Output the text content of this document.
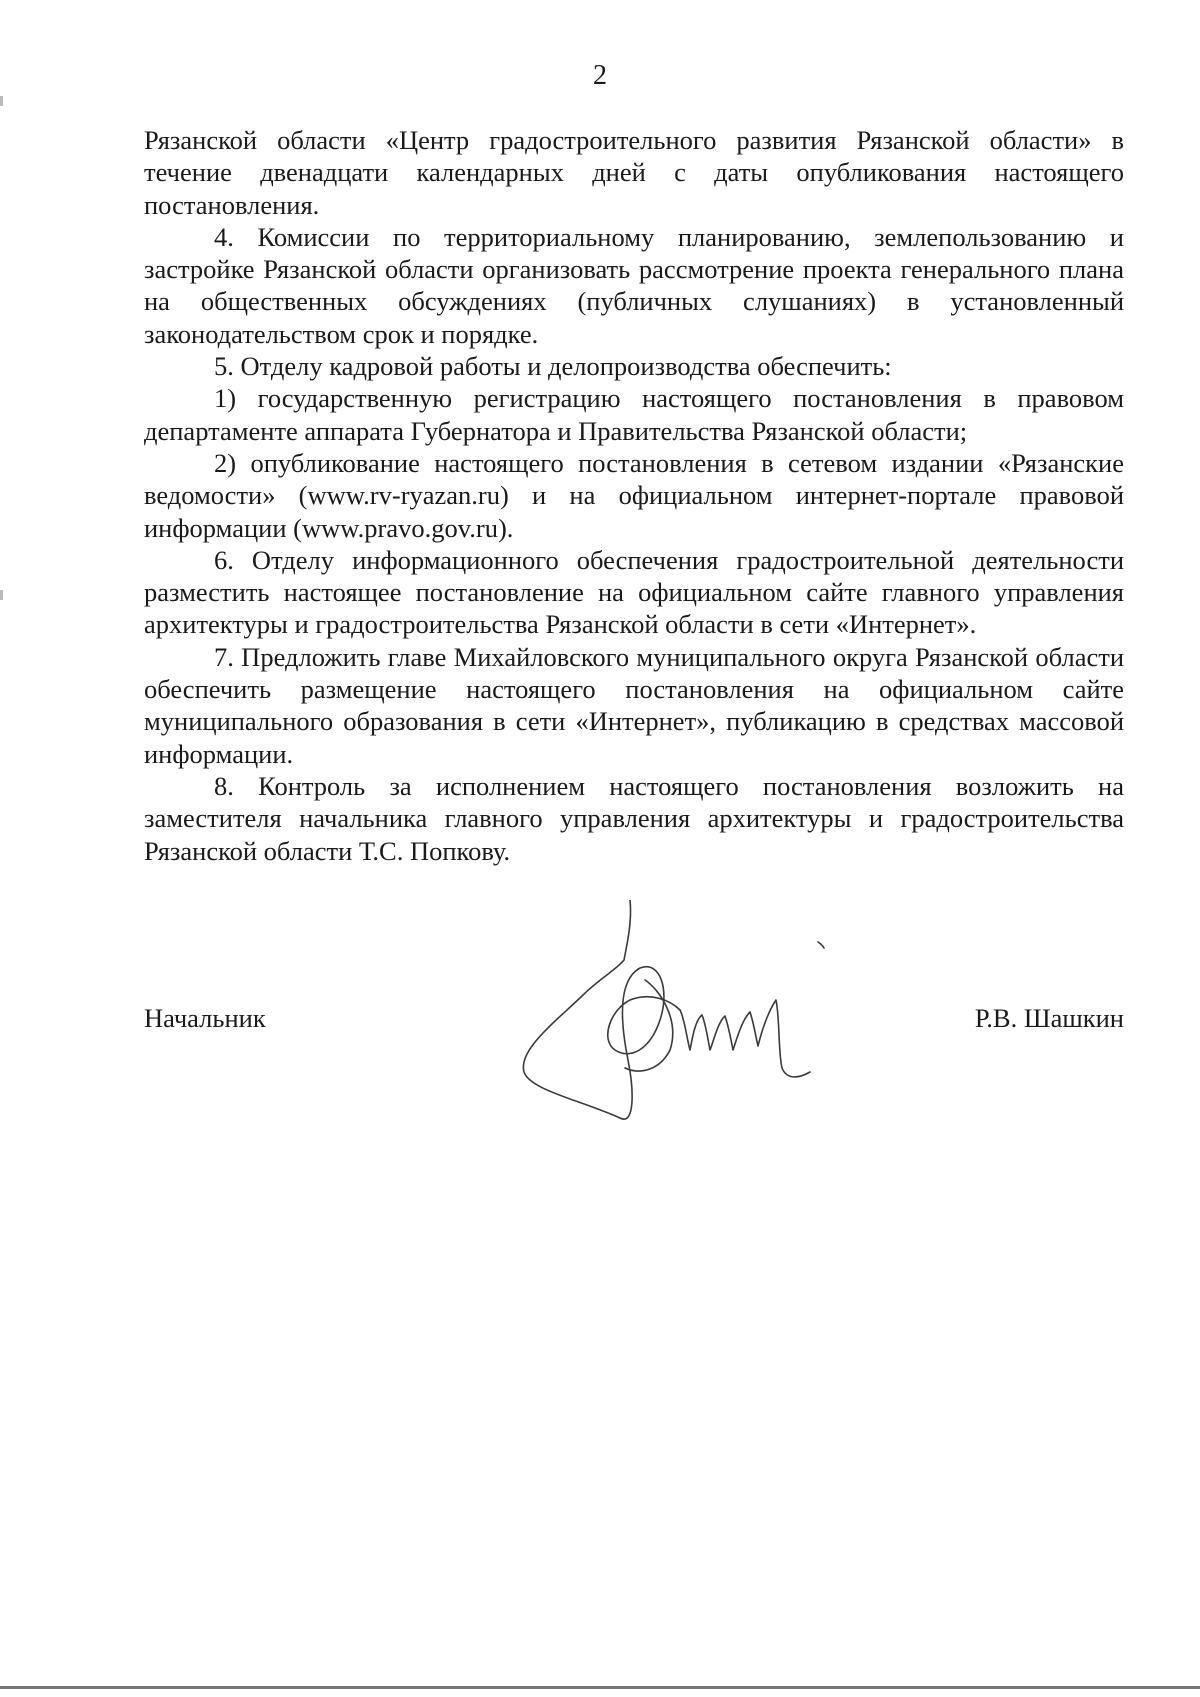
2

Рязанской области «Центр градостроительного развития Рязанской области» в течение двенадцати календарных дней с даты опубликования настоящего постановления.

4. Комиссии по территориальному планированию, землепользованию и застройке Рязанской области организовать рассмотрение проекта генерального плана на общественных обсуждениях (публичных слушаниях) в установленный законодательством срок и порядке.

5. Отделу кадровой работы и делопроизводства обеспечить:

1) государственную регистрацию настоящего постановления в правовом департаменте аппарата Губернатора и Правительства Рязанской области;

2) опубликование настоящего постановления в сетевом издании «Рязанские ведомости» (www.rv-ryazan.ru) и на официальном интернет-портале правовой информации (www.pravo.gov.ru).

6. Отделу информационного обеспечения градостроительной деятельности разместить настоящее постановление на официальном сайте главного управления архитектуры и градостроительства Рязанской области в сети «Интернет».

7. Предложить главе Михайловского муниципального округа Рязанской области обеспечить размещение настоящего постановления на официальном сайте муниципального образования в сети «Интернет», публикацию в средствах массовой информации.

8. Контроль за исполнением настоящего постановления возложить на заместителя начальника главного управления архитектуры и градостроительства Рязанской области Т.С. Попкову.

Начальник	Р.В. Шашкин
